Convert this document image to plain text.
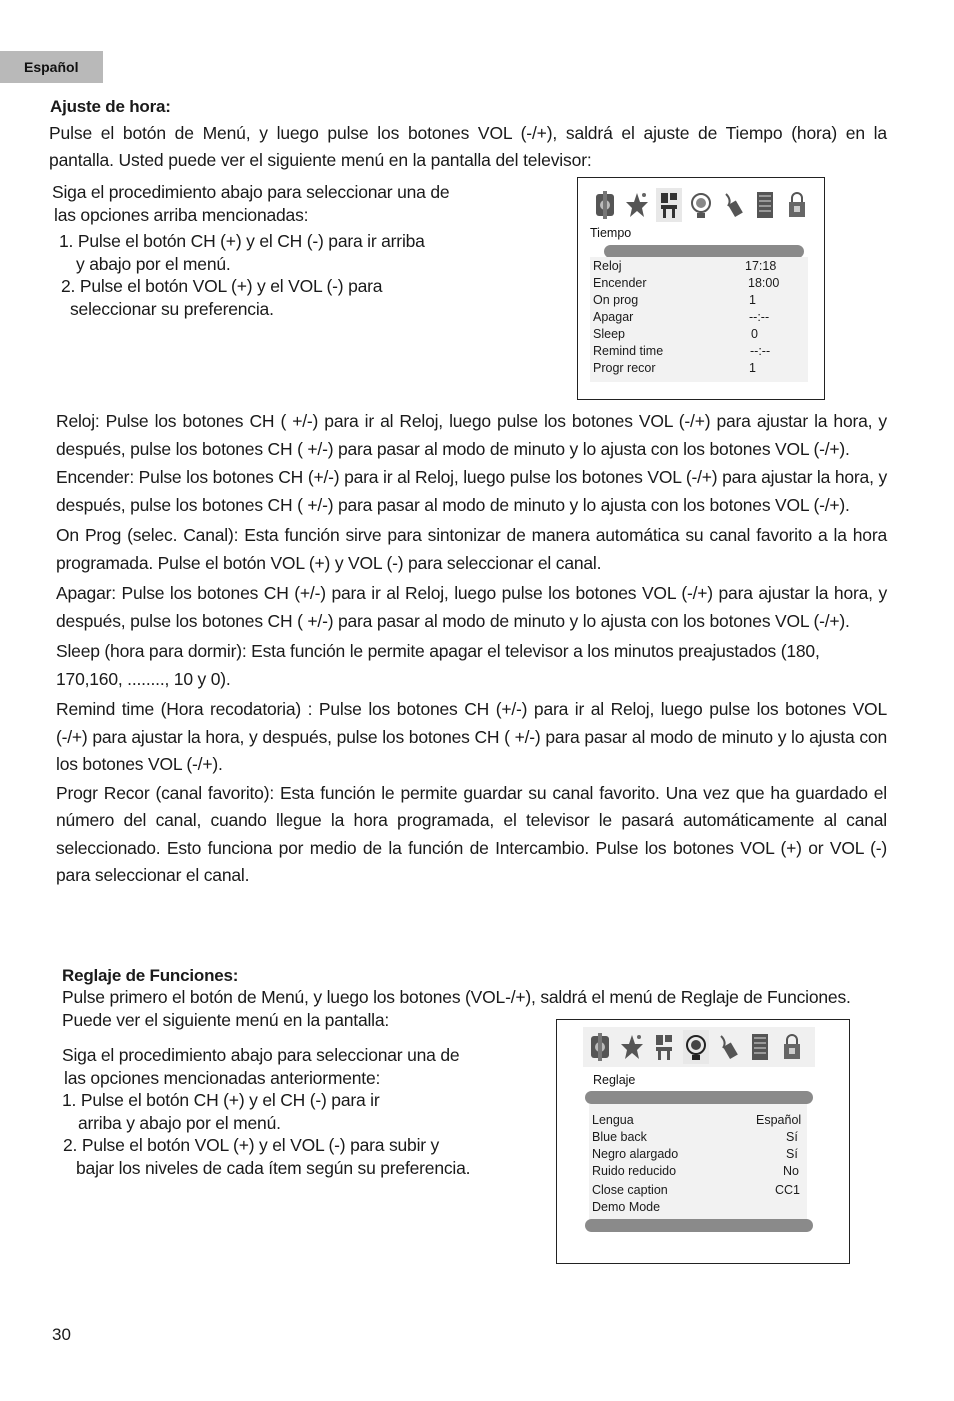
Español
Ajuste de hora:
Pulse el botón de Menú, y luego pulse los botones VOL (-/+), saldrá el ajuste de Tiempo (hora) en la
pantalla. Usted puede ver el siguiente menú en la pantalla del televisor:
Siga el procedimiento abajo para seleccionar una de
las opciones arriba mencionadas:
1. Pulse el botón CH (+) y el CH (-) para ir arriba
y abajo por el menú.
2. Pulse el botón VOL (+) y el VOL (-) para
seleccionar su preferencia.
Tiempo
Reloj	17:18
Encender	18:00
On prog	1
Apagar	--:--
Sleep	0
Remind time	--:--
Progr recor	1

Reloj: Pulse los botones CH ( +/-) para ir al Reloj, luego pulse los botones VOL (-/+) para ajustar la hora, y después, pulse los botones CH ( +/-) para pasar al modo de minuto y lo ajusta con los botones VOL (-/+).

Encender: Pulse los botones CH (+/-) para ir al Reloj, luego pulse los botones VOL (-/+) para ajustar la hora, y después, pulse los botones CH ( +/-) para pasar al modo de minuto y lo ajusta con los botones VOL (-/+).

On Prog (selec. Canal): Esta función sirve para sintonizar de manera automática su canal favorito a la hora programada. Pulse el botón VOL (+) y VOL (-) para seleccionar el canal.

Apagar: Pulse los botones CH (+/-) para ir al Reloj, luego pulse los botones VOL (-/+) para ajustar la hora, y después, pulse los botones CH ( +/-) para pasar al modo de minuto y lo ajusta con los botones VOL (-/+).

Sleep (hora para dormir): Esta función le permite apagar el televisor a los minutos preajustados (180, 170,160, ........, 10 y 0).

Remind time (Hora recodatoria) : Pulse los botones CH (+/-) para ir al Reloj, luego pulse los botones VOL (-/+) para ajustar la hora, y después, pulse los botones CH ( +/-) para pasar al modo de minuto y lo ajusta con los botones VOL (-/+).

Progr Recor (canal favorito): Esta función le permite guardar su canal favorito. Una vez que ha guardado el número del canal, cuando llegue la hora programada, el televisor le pasará automáticamente al canal seleccionado. Esto funciona por medio de la función de Intercambio. Pulse los botones VOL (+) or VOL (-) para seleccionar el canal.

Reglaje de Funciones:
Pulse primero el botón de Menú, y luego los botones (VOL-/+), saldrá el menú de Reglaje de Funciones.
Puede ver el siguiente menú en la pantalla:
Siga el procedimiento abajo para seleccionar una de
las opciones mencionadas anteriormente:
1. Pulse el botón CH (+) y el CH (-) para ir
arriba y abajo por el menú.
2. Pulse el botón VOL (+) y el VOL (-) para subir y
bajar los niveles de cada ítem según su preferencia.
Reglaje
Lengua	Español
Blue back	Sí
Negro alargado	Sí
Ruido reducido	No
Close caption	CC1
Demo Mode
30
